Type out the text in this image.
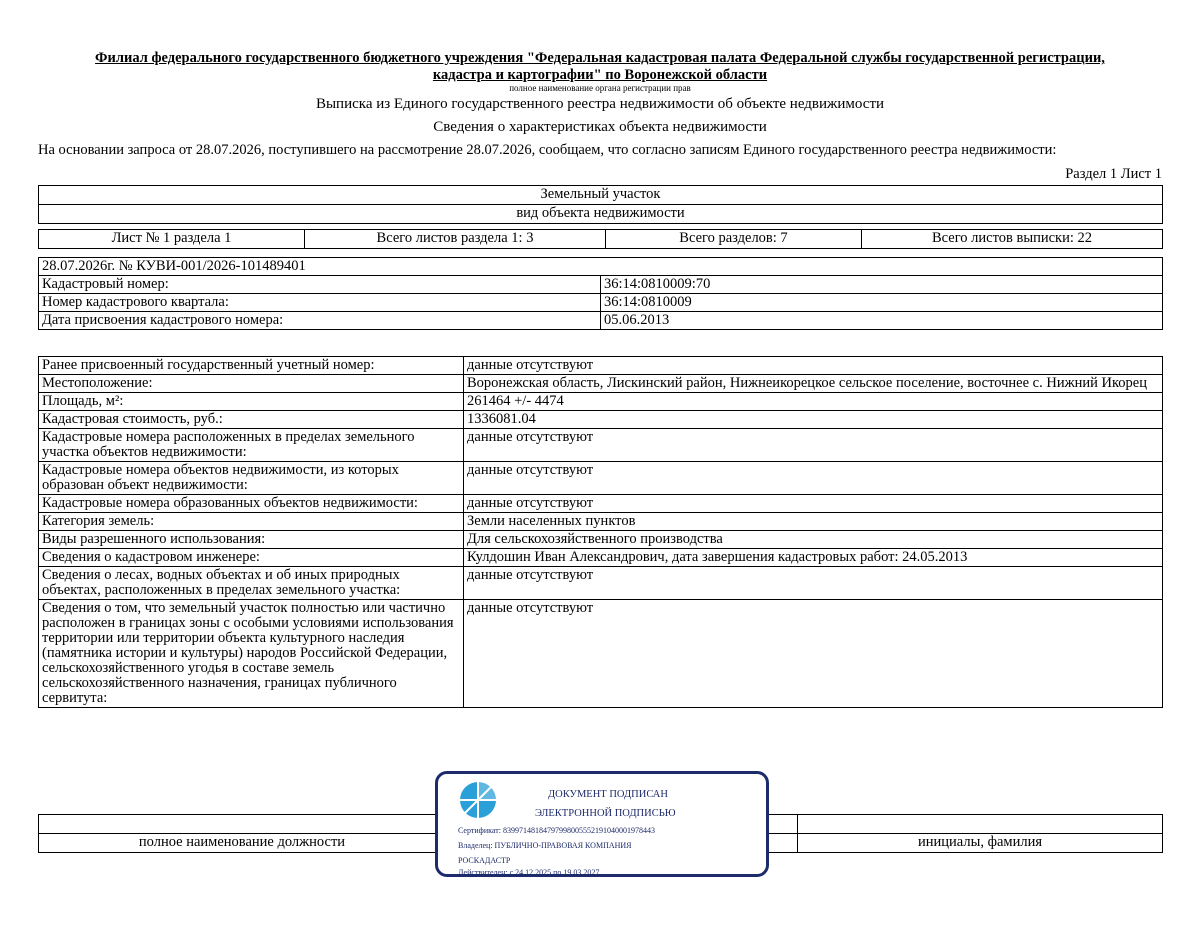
Филиал федерального государственного бюджетного учреждения "Федеральная кадастровая палата Федеральной службы государственной регистрации,
кадастра и картографии" по Воронежской области
полное наименование органа регистрации прав
Выписка из Единого государственного реестра недвижимости об объекте недвижимости
Сведения о характеристиках объекта недвижимости
На основании запроса от 28.07.2026, поступившего на рассмотрение 28.07.2026, сообщаем, что согласно записям Единого государственного реестра недвижимости:
Раздел 1 Лист 1
Земельный участок
вид объекта недвижимости
Лист № 1 раздела 1	Всего листов раздела 1: 3	Всего разделов: 7	Всего листов выписки: 22
28.07.2026г. № КУВИ-001/2026-101489401	
Кадастровый номер:	36:14:0810009:70
Номер кадастрового квартала:	36:14:0810009
Дата присвоения кадастрового номера:	05.06.2013
Ранее присвоенный государственный учетный номер:	данные отсутствуют
Местоположение:	Воронежская область, Лискинский район, Нижнеикорецкое сельское поселение, восточнее с. Нижний Икорец
Площадь, м²:	261464 +/- 4474
Кадастровая стоимость, руб.:	1336081.04
Кадастровые номера расположенных в пределах земельного участка объектов недвижимости:	данные отсутствуют
Кадастровые номера объектов недвижимости, из которых образован объект недвижимости:	данные отсутствуют
Кадастровые номера образованных объектов недвижимости:	данные отсутствуют
Категория земель:	Земли населенных пунктов
Виды разрешенного использования:	Для сельскохозяйственного производства
Сведения о кадастровом инженере:	Кулдошин Иван Александрович, дата завершения кадастровых работ: 24.05.2013
Сведения о лесах, водных объектах и об иных природных объектах, расположенных в пределах земельного участка:	данные отсутствуют
Сведения о том, что земельный участок полностью или частично расположен в границах зоны с особыми условиями использования территории или территории объекта культурного наследия (памятника истории и культуры) народов Российской Федерации, сельскохозяйственного угодья в составе земель сельскохозяйственного назначения, границах публичного сервитута:	данные отсутствуют

полное наименование должности		инициалы, фамилия
ДОКУМЕНТ ПОДПИСАН
ЭЛЕКТРОННОЙ ПОДПИСЬЮ
Сертификат: 83997148184797998005552191040001978443
Владелец: ПУБЛИЧНО-ПРАВОВАЯ КОМПАНИЯ
РОСКАДАСТР
Действителен: с 24.12.2025 по 19.03.2027
